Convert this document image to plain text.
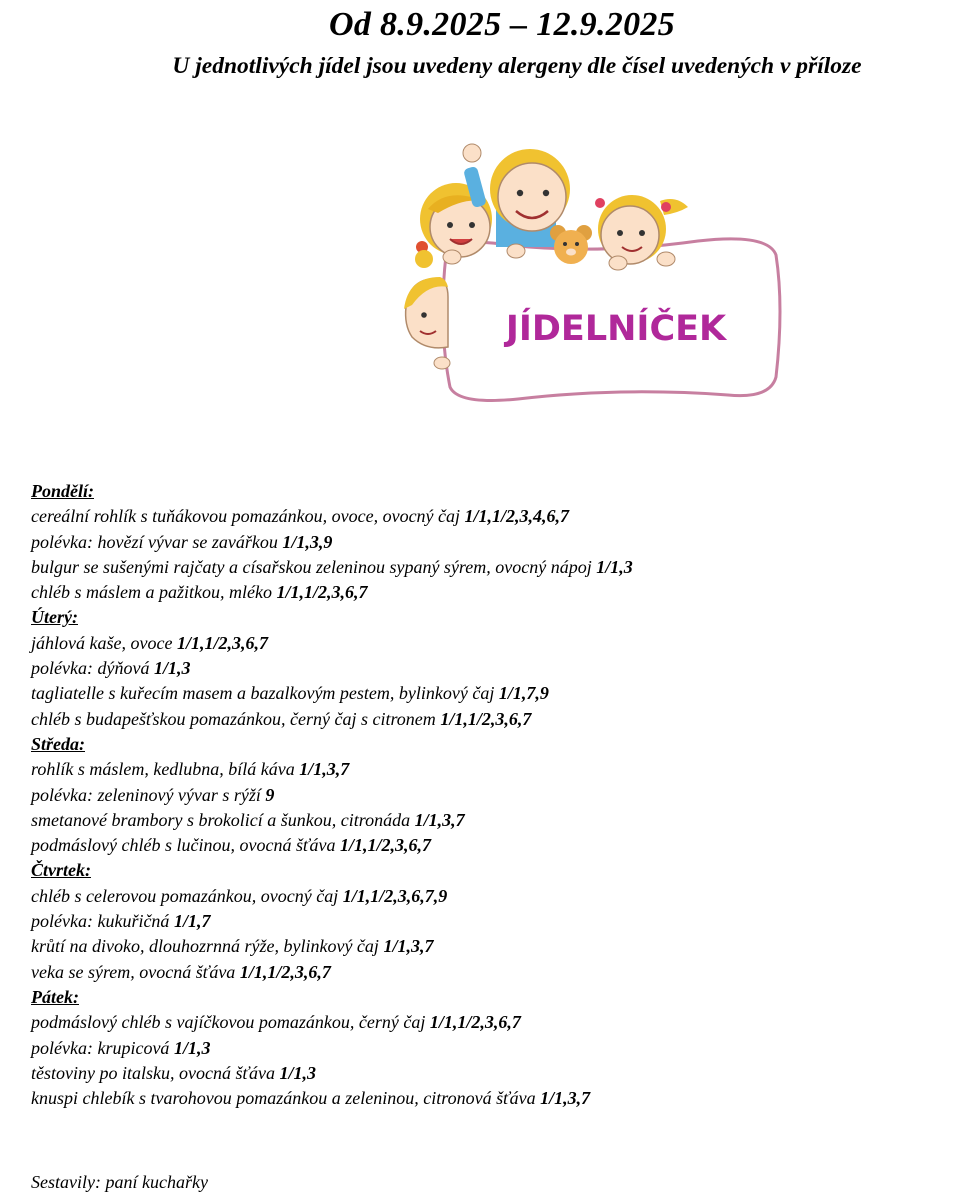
Od 8.9.2025 – 12.9.2025
U jednotlivých jídel jsou uvedeny alergeny dle čísel uvedených v příloze
JÍDELNÍČEK
Pondělí:
cereální rohlík s tuňákovou pomazánkou, ovoce, ovocný čaj 1/1,1/2,3,4,6,7
polévka: hovězí vývar se zavářkou 1/1,3,9
bulgur se sušenými rajčaty a císařskou zeleninou sypaný sýrem, ovocný nápoj 1/1,3
chléb s máslem a pažitkou, mléko 1/1,1/2,3,6,7
Úterý:
jáhlová kaše, ovoce 1/1,1/2,3,6,7
polévka: dýňová 1/1,3
tagliatelle s kuřecím masem a bazalkovým pestem, bylinkový čaj 1/1,7,9
chléb s budapešťskou pomazánkou, černý čaj s citronem 1/1,1/2,3,6,7
Středa:
rohlík s máslem, kedlubna, bílá káva 1/1,3,7
polévka: zeleninový vývar s rýží 9
smetanové brambory s brokolicí a šunkou, citronáda 1/1,3,7
podmáslový chléb s lučinou, ovocná šťáva 1/1,1/2,3,6,7
Čtvrtek:
chléb s celerovou pomazánkou, ovocný čaj 1/1,1/2,3,6,7,9
polévka: kukuřičná 1/1,7
krůtí na divoko, dlouhozrnná rýže, bylinkový čaj 1/1,3,7
veka se sýrem, ovocná šťáva 1/1,1/2,3,6,7
Pátek:
podmáslový chléb s vajíčkovou pomazánkou, černý čaj 1/1,1/2,3,6,7
polévka: krupicová 1/1,3
těstoviny po italsku, ovocná šťáva 1/1,3
knuspi chlebík s tvarohovou pomazánkou a zeleninou, citronová šťáva 1/1,3,7
Sestavily: paní kuchařky
